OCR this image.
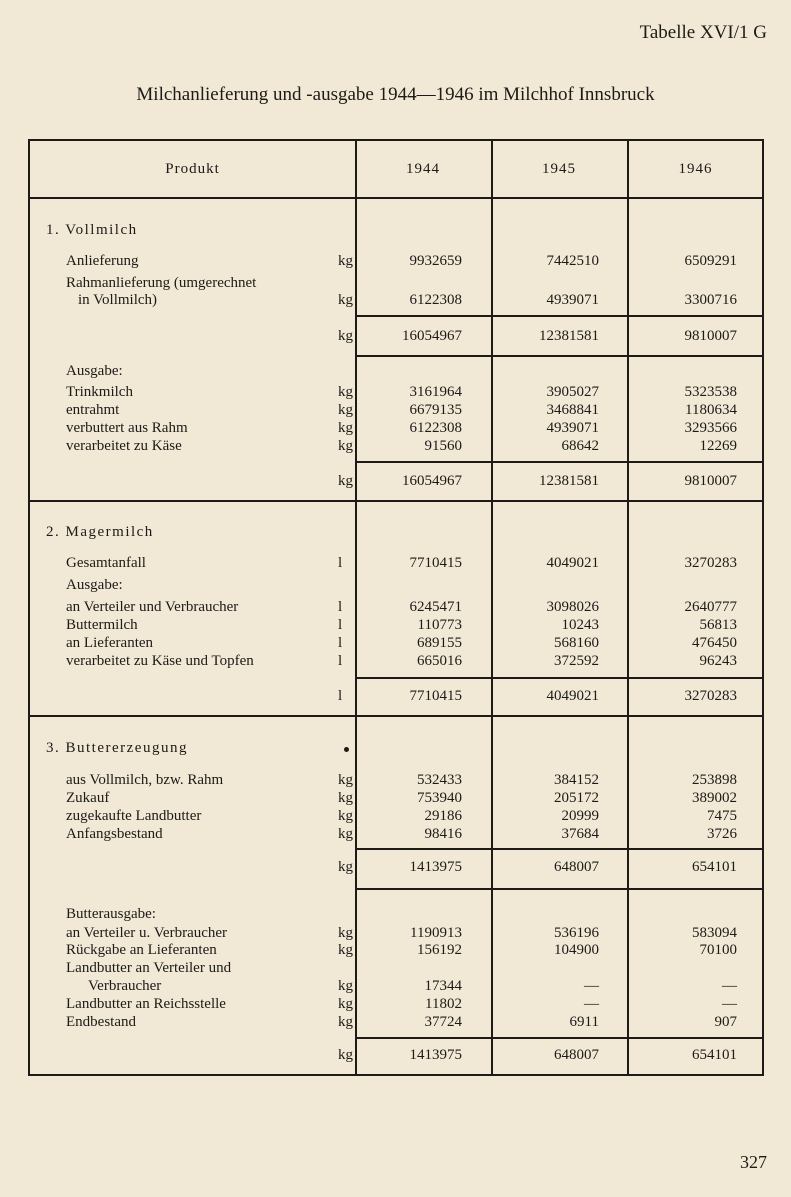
Tabelle XVI/1 G
Milchanlieferung und -ausgabe 1944—1946 im Milchhof Innsbruck
Produkt	1944	1945	1946
1. Vollmilch
Anlieferung	kg	9932659	7442510	6509291
Rahmanlieferung (umgerechnet
in Vollmilch)	kg	6122308	4939071	3300716
kg	16054967	12381581	9810007
Ausgabe:
Trinkmilch	kg	3161964	3905027	5323538
entrahmt	kg	6679135	3468841	1180634
verbuttert aus Rahm	kg	6122308	4939071	3293566
verarbeitet zu Käse	kg	91560	68642	12269
kg	16054967	12381581	9810007
2. Magermilch
Gesamtanfall	l	7710415	4049021	3270283
Ausgabe:
an Verteiler und Verbraucher	l	6245471	3098026	2640777
Buttermilch	l	110773	10243	56813
an Lieferanten	l	689155	568160	476450
verarbeitet zu Käse und Topfen	l	665016	372592	96243
l	7710415	4049021	3270283
3. Buttererzeugung
aus Vollmilch, bzw. Rahm	kg	532433	384152	253898
Zukauf	kg	753940	205172	389002
zugekaufte Landbutter	kg	29186	20999	7475
Anfangsbestand	kg	98416	37684	3726
kg	1413975	648007	654101
Butterausgabe:
an Verteiler u. Verbraucher	kg	1190913	536196	583094
Rückgabe an Lieferanten	kg	156192	104900	70100
Landbutter an Verteiler und
Verbraucher	kg	17344	—	—
Landbutter an Reichsstelle	kg	11802	—	—
Endbestand	kg	37724	6911	907
kg	1413975	648007	654101
327
